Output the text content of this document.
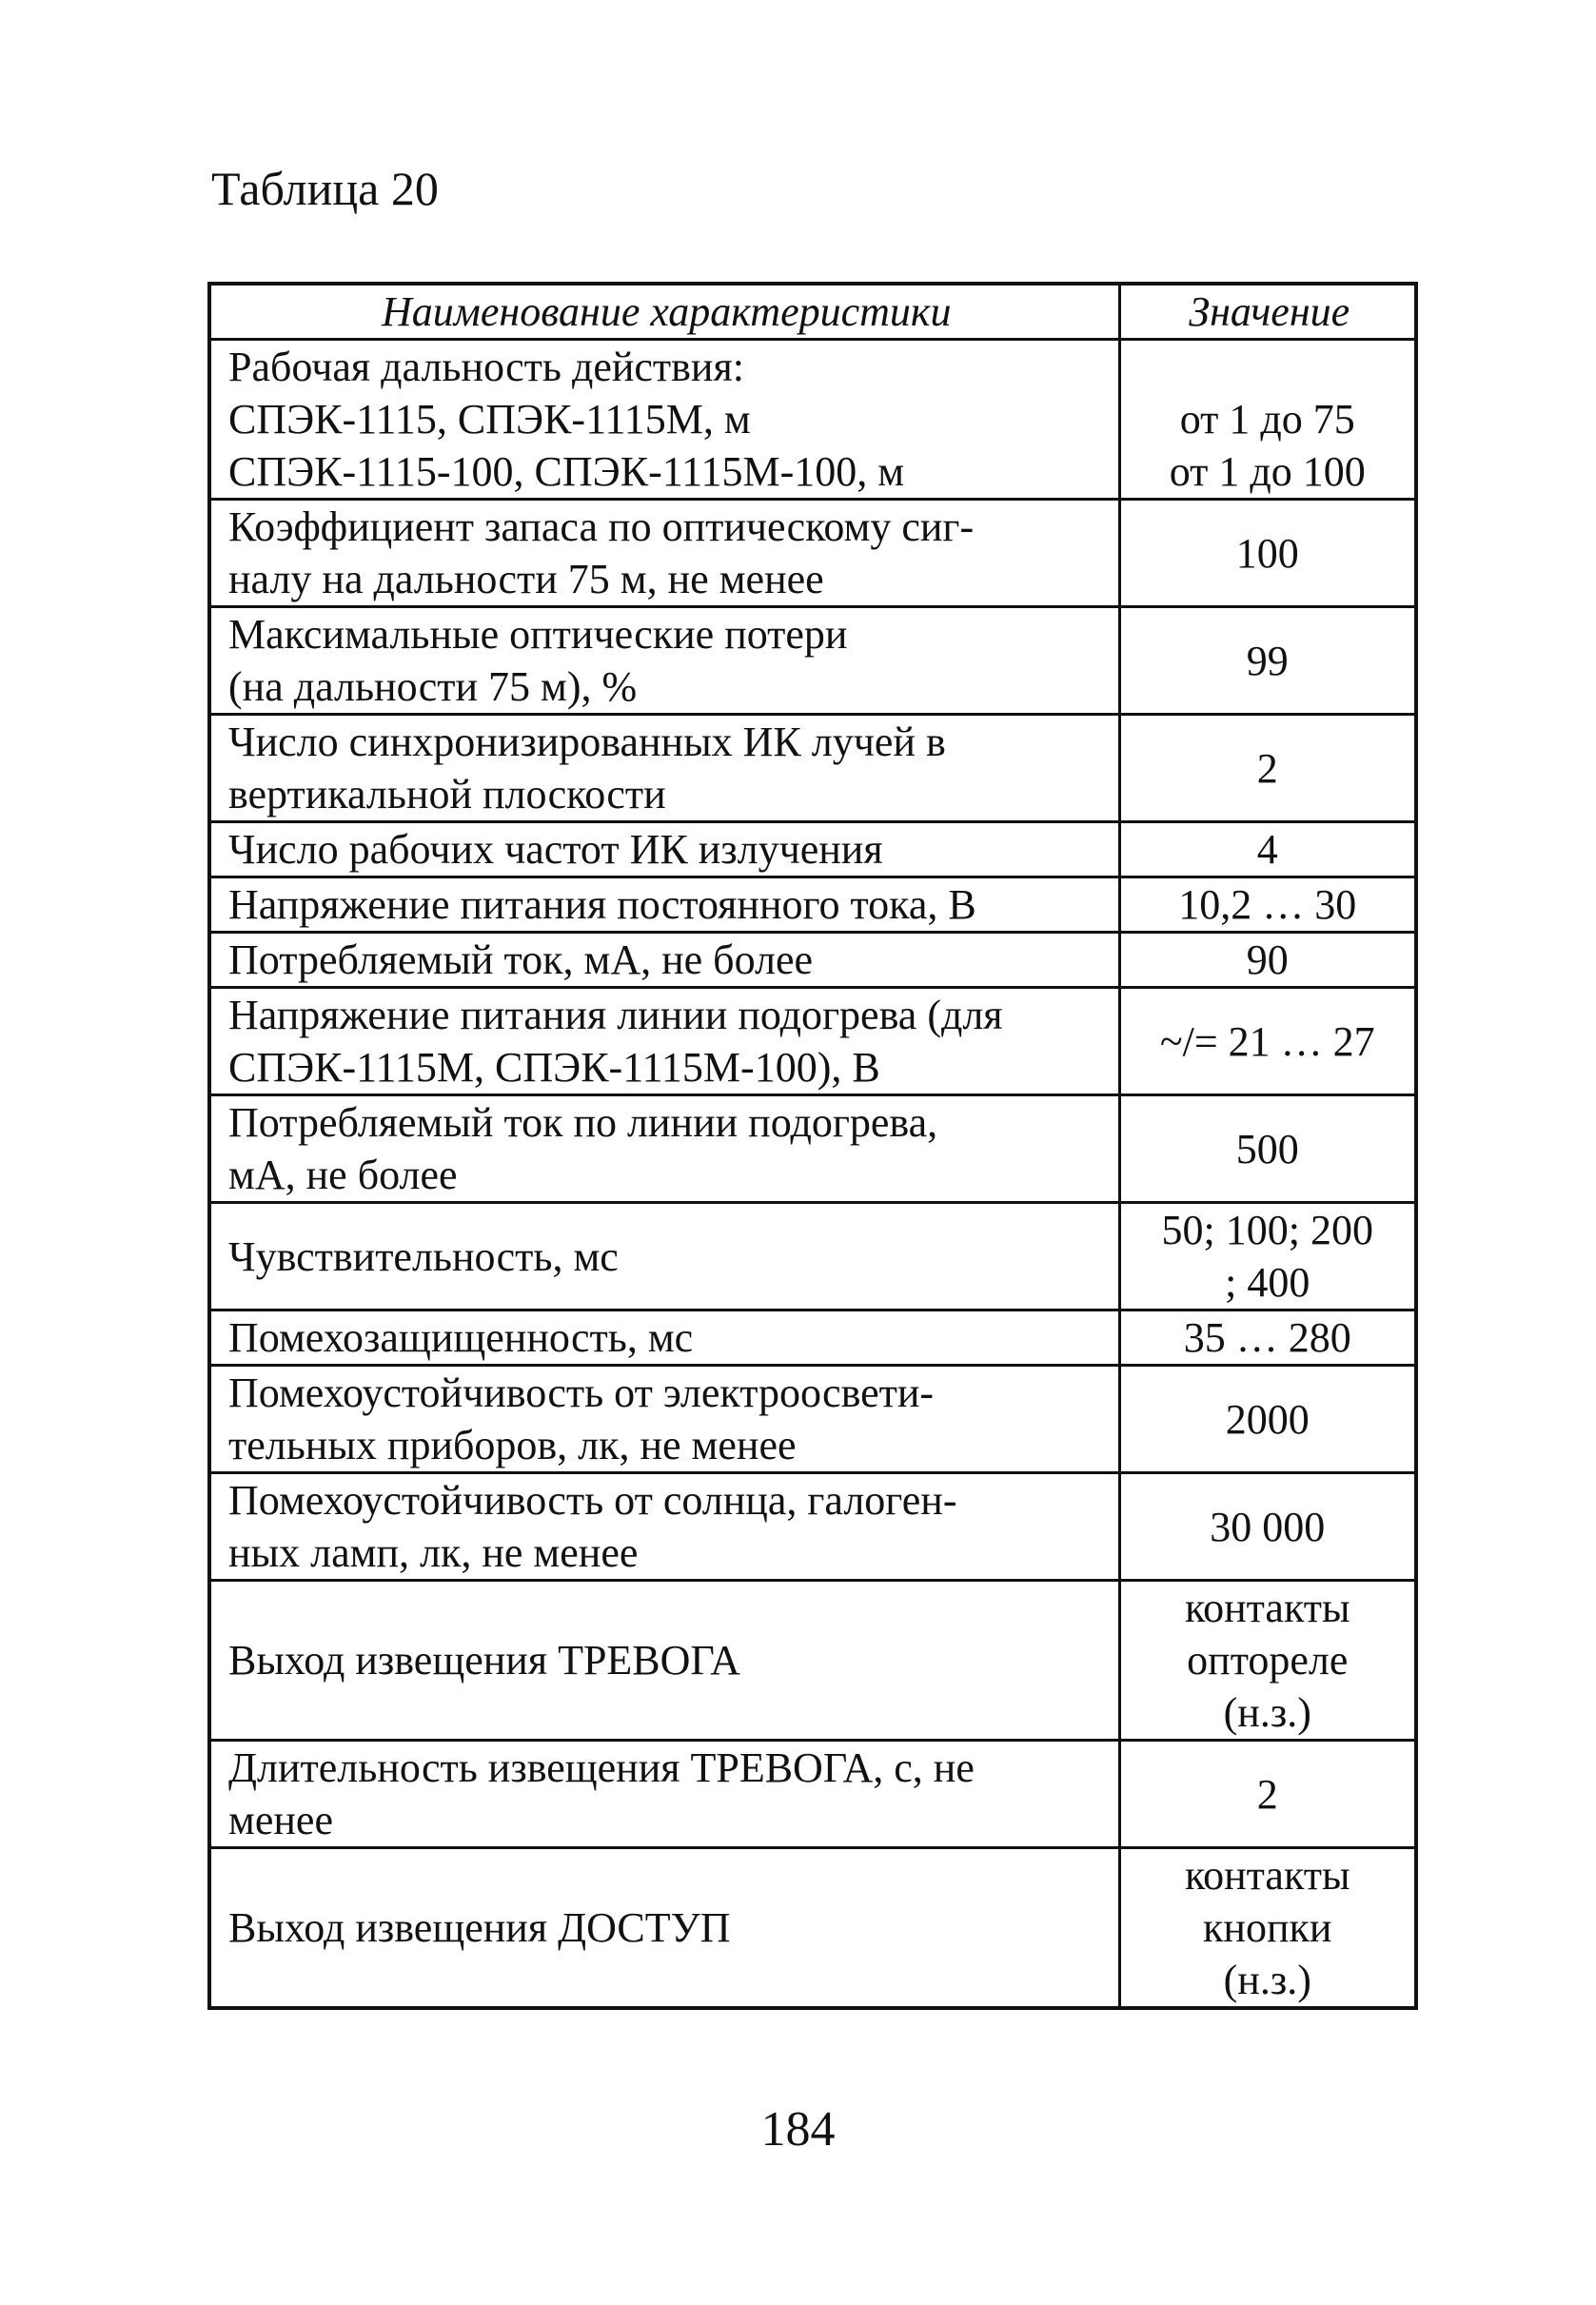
Таблица 20
Наименование характеристики	Значение

Рабочая дальность действия:
СПЭК-1115, СПЭК-1115М, м
СПЭК-1115-100, СПЭК-1115М-100, м	от 1 до 75
от 1 до 100

Коэффициент запаса по оптическому сиг-
налу на дальности 75 м, не менее	100

Максимальные оптические потери
(на дальности 75 м), %	99

Число синхронизированных ИК лучей в
вертикальной плоскости	2

Число рабочих частот ИК излучения	4

Напряжение питания постоянного тока, В	10,2 … 30

Потребляемый ток, мА, не более	90

Напряжение питания линии подогрева (для
СПЭК-1115М, СПЭК-1115М-100), В	~/= 21 … 27

Потребляемый ток по линии подогрева,
мА, не более	500

Чувствительность, мс	50; 100; 200
; 400

Помехозащищенность, мс	35 … 280

Помехоустойчивость от электроосвети-
тельных приборов, лк, не менее	2000

Помехоустойчивость от солнца, галоген-
ных ламп, лк, не менее	30 000

Выход извещения ТРЕВОГА	контакты
оптореле
(н.з.)

Длительность извещения ТРЕВОГА, с, не
менее	2

Выход извещения ДОСТУП	контакты
кнопки
(н.з.)
184
